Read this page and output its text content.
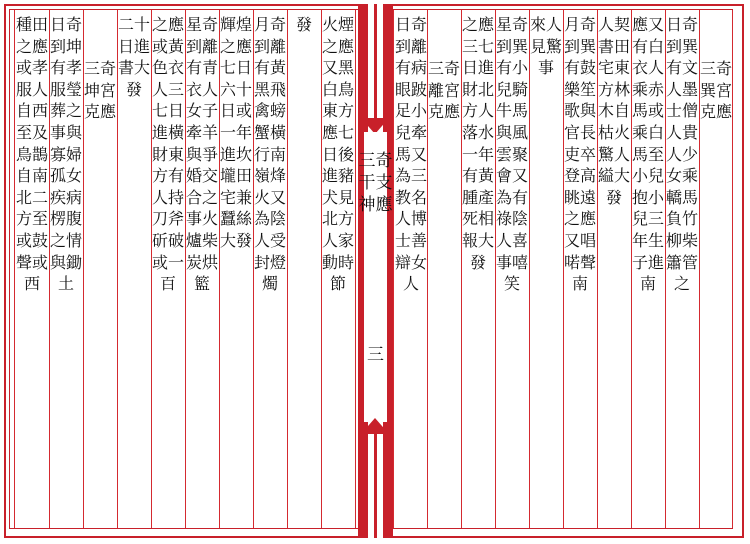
種田之應或孝服人自西至及鳥鵲自南北二方至或鼓聲或西
日奇到坤有孝服瑩葬之事與寡婦孤女疾病楞腹之情與鋤土
三奇坤宮克應
二十日進書大發
之應或黃色衣人三七日進橫財東方有人持刀斧斫破或一百
星奇到離有青衣人女子牽羊與爭婚交合之事火爐柴炭烘籃
輝煌之應七日六十日或一年進坎壠田宅兼蠶絲大發
月奇到離有黃黑飛禽螃蟹橫行南嶺烽火又為陰人受封燈燭
發 火煙之應又黑白鳥東方應七日後進豬犬見北方人家動時節
三奇干支神應
三
日奇到離有病眼跛足小兒牽馬又為三教名人博士善辯女人
三奇離宮克應
之應三七日進財北方人落水一年有黃腫產死相報大發
星奇到巽有小兒騎牛馬與風雲聚會又為有祿陰人喜事嘻笑
來人見驚事
月奇到巽有鼓樂笙歌與官長吏卒登高眺遠之應又唱喏聲南
人契書田宅東方林木自枯火驚人縊大發
應又有白衣人乘赤馬或乘白馬至小兒抱小兒三年生子進南
日奇到巽有文人墨士僧人貴人少女乘轎馬負竹柳柴簫管之
三奇巽宮克應
